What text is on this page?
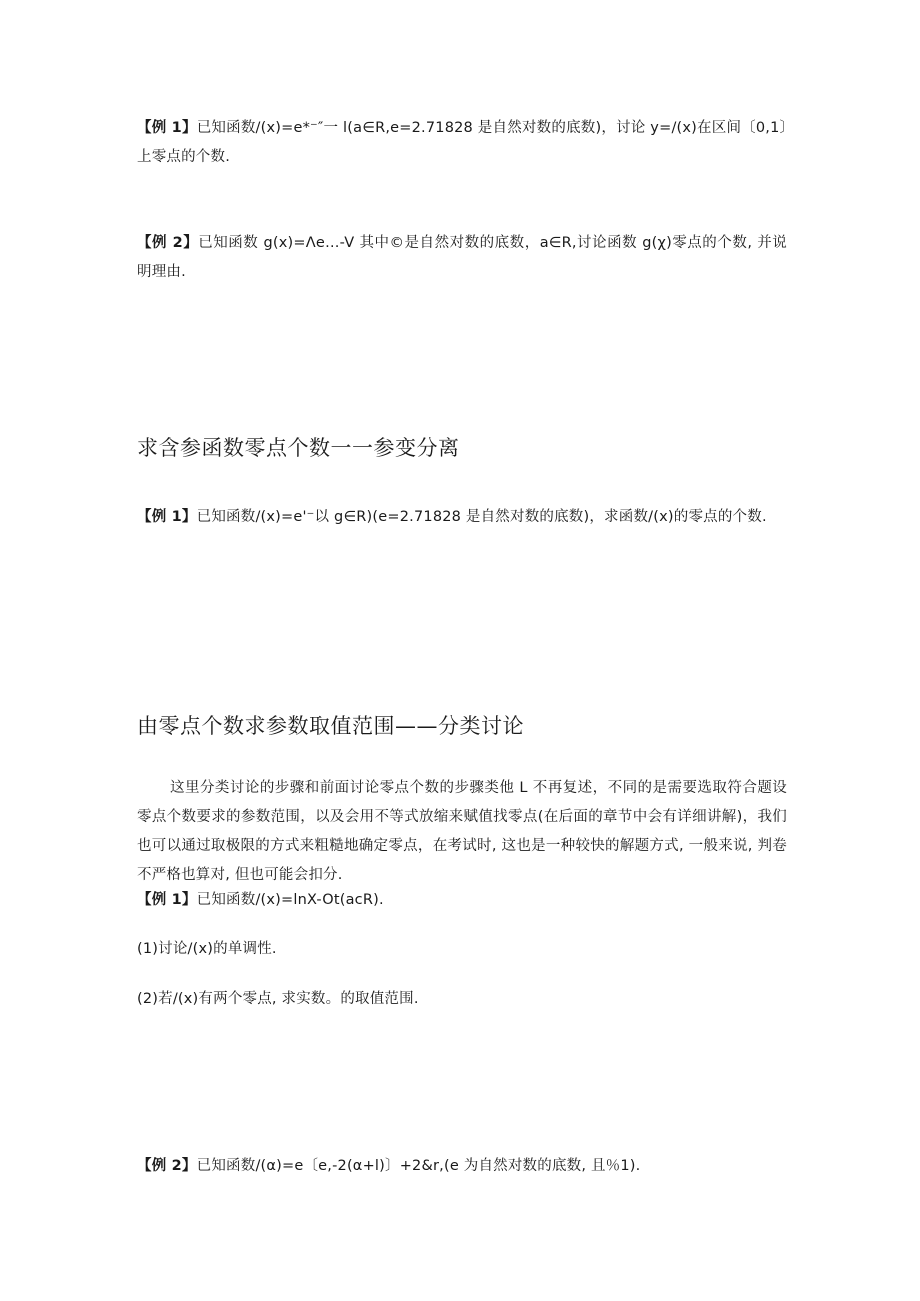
【例 1】已知函数/(x)=e*⁻″一 l(a∈R,e=2.71828 是自然对数的底数)，讨论 y=/(x)在区间〔0,1〕上零点的个数.

【例 2】已知函数 g(x)=Λe…-V 其中©是自然对数的底数，a∈R,讨论函数 g(χ)零点的个数, 并说明理由.

求含参函数零点个数一一参变分离

【例 1】已知函数/(x)=e'⁻以 g∈R)(e=2.71828 是自然对数的底数)，求函数/(x)的零点的个数.

由零点个数求参数取值范围——分类讨论

这里分类讨论的步骤和前面讨论零点个数的步骤类他 L 不再复述，不同的是需要选取符合题设零点个数要求的参数范围，以及会用不等式放缩来赋值找零点(在后面的章节中会有详细讲解)，我们也可以通过取极限的方式来粗糙地确定零点，在考试时, 这也是一种较快的解题方式, 一般来说, 判卷不严格也算对, 但也可能会扣分.

【例 1】已知函数/(x)=lnX-Ot(acR).

(1)讨论/(x)的单调性.

(2)若/(x)有两个零点, 求实数。的取值范围.

【例 2】已知函数∕(α)=e〔e,-2(α+l)〕+2&r,(e 为自然对数的底数, 且％1).
